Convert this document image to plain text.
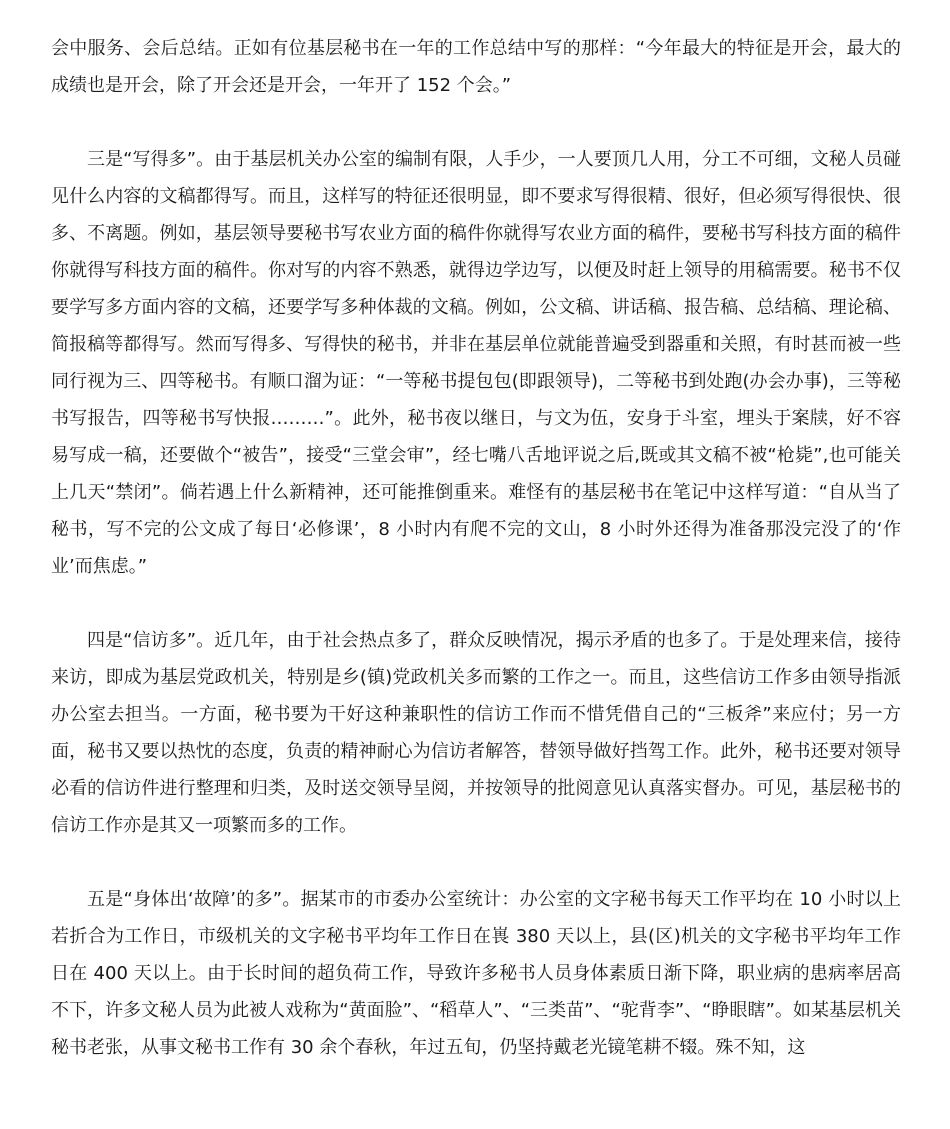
会中服务、会后总结。正如有位基层秘书在一年的工作总结中写的那样：“今年最大的特征是开会，最大的成绩也是开会，除了开会还是开会，一年开了 152 个会。”

三是“写得多”。由于基层机关办公室的编制有限，人手少，一人要顶几人用，分工不可细，文秘人员碰见什么内容的文稿都得写。而且，这样写的特征还很明显，即不要求写得很精、很好，但必须写得很快、很多、不离题。例如，基层领导要秘书写农业方面的稿件你就得写农业方面的稿件，要秘书写科技方面的稿件你就得写科技方面的稿件。你对写的内容不熟悉，就得边学边写，以便及时赶上领导的用稿需要。秘书不仅要学写多方面内容的文稿，还要学写多种体裁的文稿。例如，公文稿、讲话稿、报告稿、总结稿、理论稿、简报稿等都得写。然而写得多、写得快的秘书，并非在基层单位就能普遍受到器重和关照，有时甚而被一些同行视为三、四等秘书。有顺口溜为证：“一等秘书提包包(即跟领导)，二等秘书到处跑(办会办事)，三等秘书写报告，四等秘书写快报………”。此外，秘书夜以继日，与文为伍，安身于斗室，埋头于案牍，好不容易写成一稿，还要做个“被告”，接受“三堂会审”，经七嘴八舌地评说之后,既或其文稿不被“枪毙”,也可能关上几天“禁闭”。倘若遇上什么新精神，还可能推倒重来。难怪有的基层秘书在笔记中这样写道：“自从当了秘书，写不完的公文成了每日‘必修课’，8 小时内有爬不完的文山，8 小时外还得为准备那没完没了的‘作业’而焦虑。”

四是“信访多”。近几年，由于社会热点多了，群众反映情况，揭示矛盾的也多了。于是处理来信，接待来访，即成为基层党政机关，特别是乡(镇)党政机关多而繁的工作之一。而且，这些信访工作多由领导指派办公室去担当。一方面，秘书要为干好这种兼职性的信访工作而不惜凭借自己的“三板斧”来应付；另一方面，秘书又要以热忱的态度，负责的精神耐心为信访者解答，替领导做好挡驾工作。此外，秘书还要对领导必看的信访件进行整理和归类，及时送交领导呈阅，并按领导的批阅意见认真落实督办。可见，基层秘书的信访工作亦是其又一项繁而多的工作。

五是“身体出‘故障’的多”。据某市的市委办公室统计：办公室的文字秘书每天工作平均在 10 小时以上若折合为工作日，市级机关的文字秘书平均年工作日在嵔 380 天以上，县(区)机关的文字秘书平均年工作日在 400 天以上。由于长时间的超负荷工作，导致许多秘书人员身体素质日渐下降，职业病的患病率居高不下，许多文秘人员为此被人戏称为“黄面脸”、“稻草人”、“三类苗”、“驼背李”、“睁眼瞎”。如某基层机关秘书老张，从事文秘书工作有 30 余个春秋，年过五旬，仍坚持戴老光镜笔耕不辍。殊不知，这
